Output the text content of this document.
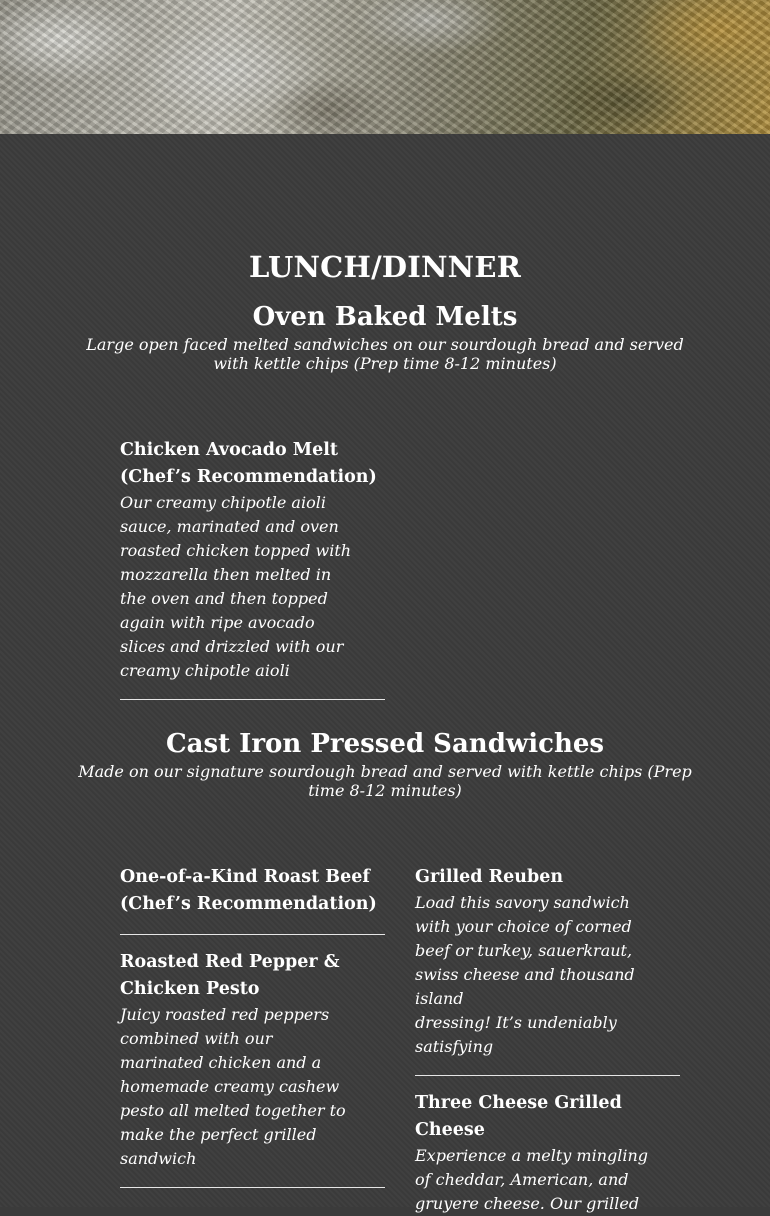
LUNCH/DINNER
Oven Baked Melts
Large open faced melted sandwiches on our sourdough bread and served
with kettle chips (Prep time 8-12 minutes)
Chicken Avocado Melt
(Chef’s Recommendation)
Our creamy chipotle aioli
sauce, marinated and oven
roasted chicken topped with
mozzarella then melted in
the oven and then topped
again with ripe avocado
slices and drizzled with our
creamy chipotle aioli
Cast Iron Pressed Sandwiches
Made on our signature sourdough bread and served with kettle chips (Prep
time 8-12 minutes)
One-of-a-Kind Roast Beef
(Chef’s Recommendation)
Roasted Red Pepper &
Chicken Pesto
Juicy roasted red peppers
combined with our
marinated chicken and a
homemade creamy cashew
pesto all melted together to
make the perfect grilled
sandwich
Grilled Reuben
Load this savory sandwich
with your choice of corned
beef or turkey, sauerkraut,
swiss cheese and thousand
island
dressing! It’s undeniably
satisfying
Three Cheese Grilled
Cheese
Experience a melty mingling
of cheddar, American, and
gruyere cheese. Our grilled
